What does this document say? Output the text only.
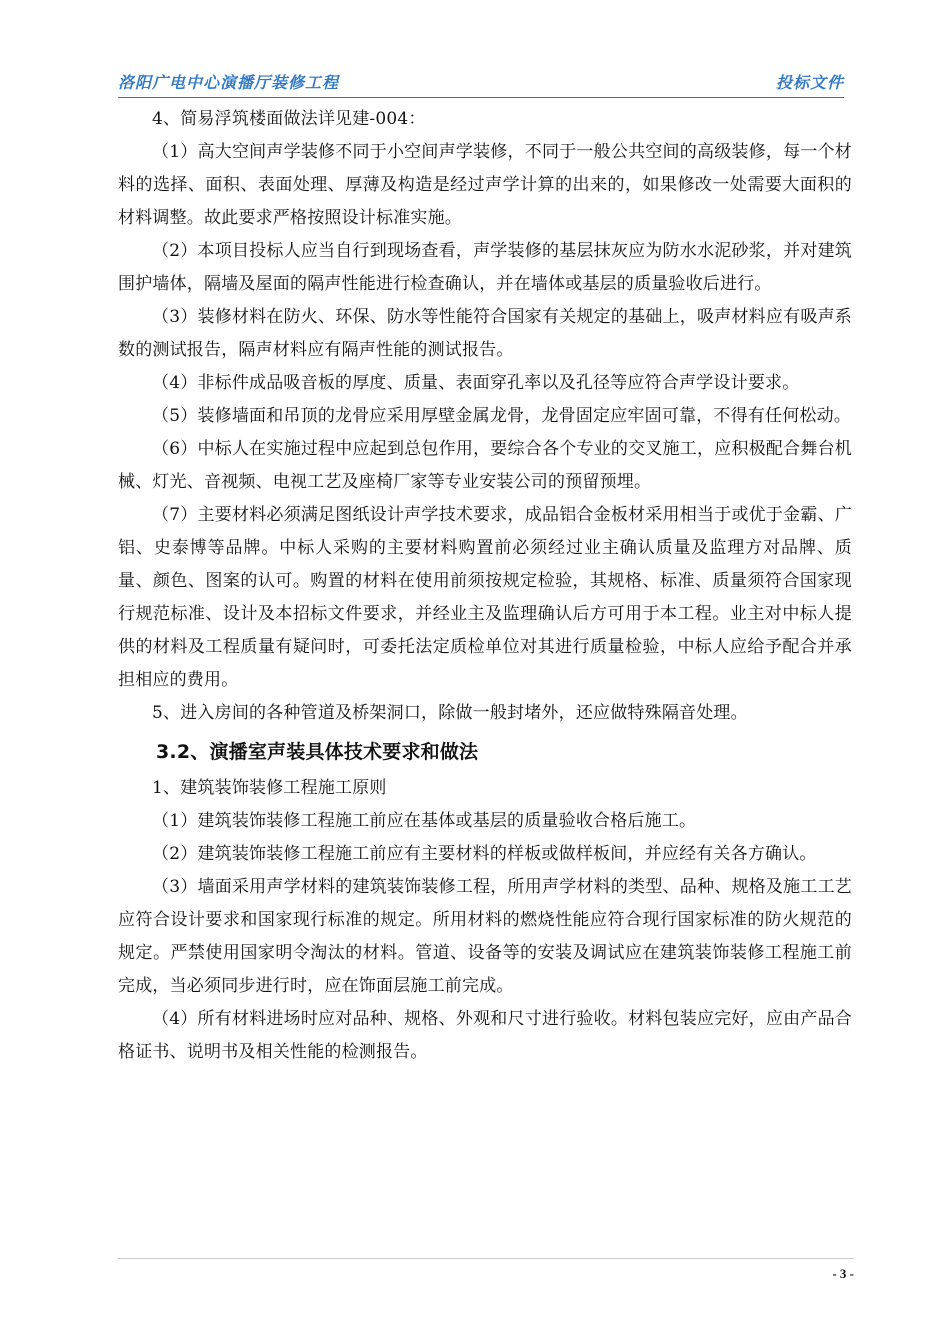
洛阳广电中心演播厅装修工程	投标文件

4、简易浮筑楼面做法详见建-004：

（1）高大空间声学装修不同于小空间声学装修，不同于一般公共空间的高级装修，每一个材料的选择、面积、表面处理、厚薄及构造是经过声学计算的出来的，如果修改一处需要大面积的材料调整。故此要求严格按照设计标准实施。

（2）本项目投标人应当自行到现场查看，声学装修的基层抹灰应为防水水泥砂浆，并对建筑围护墙体，隔墙及屋面的隔声性能进行检查确认，并在墙体或基层的质量验收后进行。

（3）装修材料在防火、环保、防水等性能符合国家有关规定的基础上，吸声材料应有吸声系数的测试报告，隔声材料应有隔声性能的测试报告。

（4）非标件成品吸音板的厚度、质量、表面穿孔率以及孔径等应符合声学设计要求。

（5）装修墙面和吊顶的龙骨应采用厚壁金属龙骨，龙骨固定应牢固可靠，不得有任何松动。

（6）中标人在实施过程中应起到总包作用，要综合各个专业的交叉施工，应积极配合舞台机械、灯光、音视频、电视工艺及座椅厂家等专业安装公司的预留预埋。

（7）主要材料必须满足图纸设计声学技术要求，成品铝合金板材采用相当于或优于金霸、广铝、史泰博等品牌。中标人采购的主要材料购置前必须经过业主确认质量及监理方对品牌、质量、颜色、图案的认可。购置的材料在使用前须按规定检验，其规格、标准、质量须符合国家现行规范标准、设计及本招标文件要求，并经业主及监理确认后方可用于本工程。业主对中标人提供的材料及工程质量有疑问时，可委托法定质检单位对其进行质量检验，中标人应给予配合并承担相应的费用。

5、进入房间的各种管道及桥架洞口，除做一般封堵外，还应做特殊隔音处理。

3.2、演播室声装具体技术要求和做法

1、建筑装饰装修工程施工原则

（1）建筑装饰装修工程施工前应在基体或基层的质量验收合格后施工。

（2）建筑装饰装修工程施工前应有主要材料的样板或做样板间，并应经有关各方确认。

（3）墙面采用声学材料的建筑装饰装修工程，所用声学材料的类型、品种、规格及施工工艺应符合设计要求和国家现行标准的规定。所用材料的燃烧性能应符合现行国家标准的防火规范的规定。严禁使用国家明令淘汰的材料。管道、设备等的安装及调试应在建筑装饰装修工程施工前完成，当必须同步进行时，应在饰面层施工前完成。

（4）所有材料进场时应对品种、规格、外观和尺寸进行验收。材料包装应完好，应由产品合格证书、说明书及相关性能的检测报告。

- 3 -
